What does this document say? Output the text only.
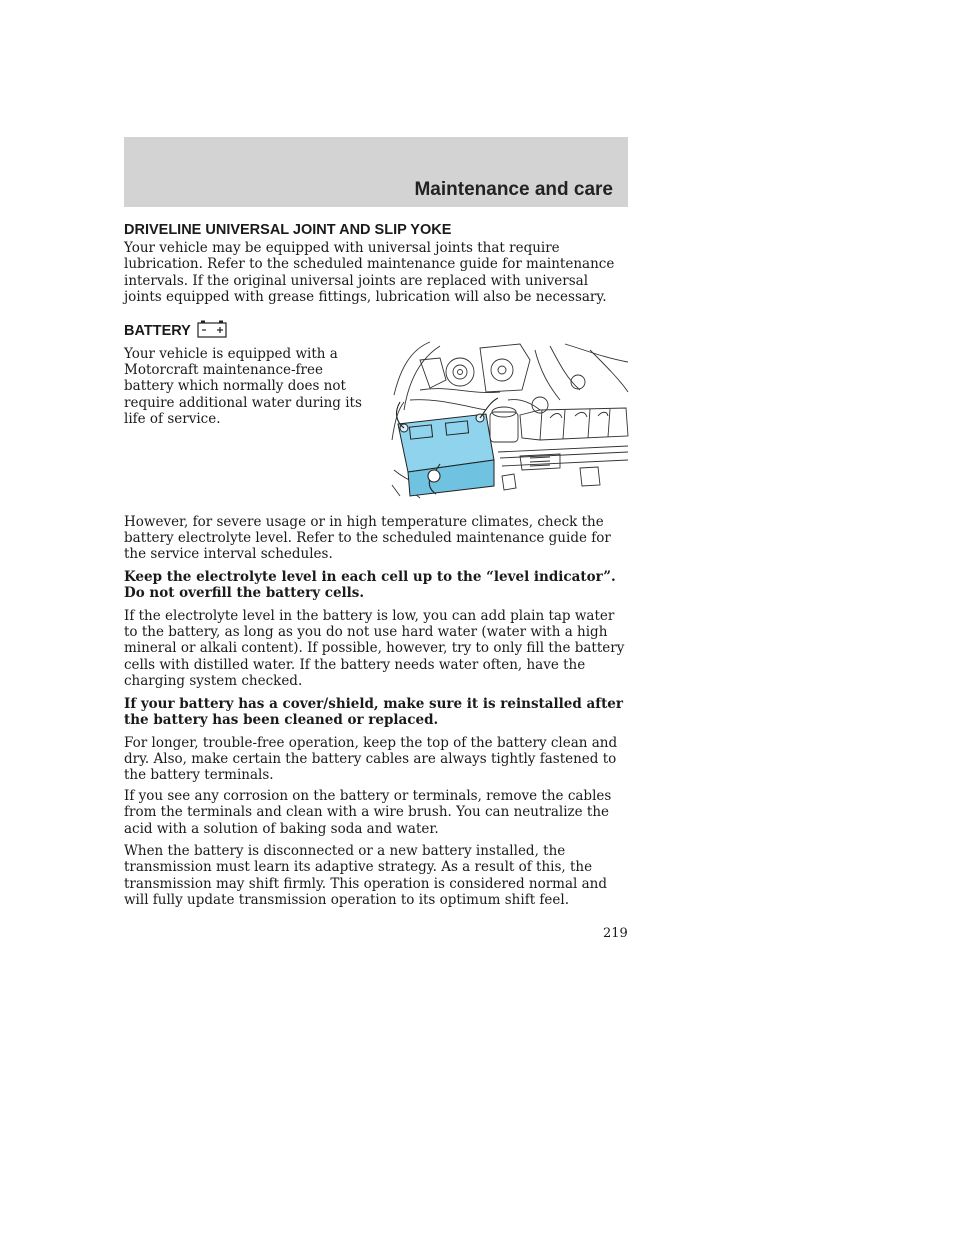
Maintenance and care
DRIVELINE UNIVERSAL JOINT AND SLIP YOKE

Your vehicle may be equipped with universal joints that require lubrication. Refer to the scheduled maintenance guide for maintenance intervals. If the original universal joints are replaced with universal joints equipped with grease fittings, lubrication will also be necessary.

BATTERY

Your vehicle is equipped with a Motorcraft maintenance-free battery which normally does not require additional water during its life of service.

However, for severe usage or in high temperature climates, check the battery electrolyte level. Refer to the scheduled maintenance guide for the service interval schedules.

Keep the electrolyte level in each cell up to the “level indicator”. Do not overfill the battery cells.

If the electrolyte level in the battery is low, you can add plain tap water to the battery, as long as you do not use hard water (water with a high mineral or alkali content). If possible, however, try to only fill the battery cells with distilled water. If the battery needs water often, have the charging system checked.

If your battery has a cover/shield, make sure it is reinstalled after the battery has been cleaned or replaced.

For longer, trouble-free operation, keep the top of the battery clean and dry. Also, make certain the battery cables are always tightly fastened to the battery terminals.

If you see any corrosion on the battery or terminals, remove the cables from the terminals and clean with a wire brush. You can neutralize the acid with a solution of baking soda and water.

When the battery is disconnected or a new battery installed, the transmission must learn its adaptive strategy. As a result of this, the transmission may shift firmly. This operation is considered normal and will fully update transmission operation to its optimum shift feel.

219
